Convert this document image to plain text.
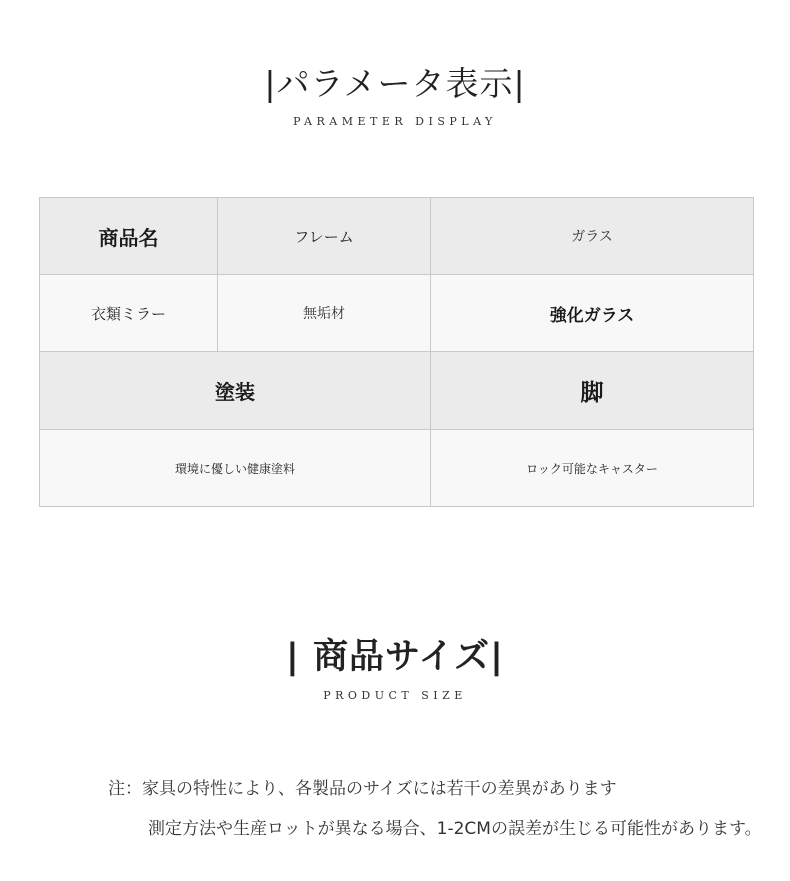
|パラメータ表示|
PARAMETER DISPLAY
商品名	フレーム	ガラス
衣類ミラー	無垢材	強化ガラス
塗装		脚
環境に優しい健康塗料		ロック可能なキャスター
| 商品サイズ|
PRODUCT SIZE
注：家具の特性により、各製品のサイズには若干の差異があります
測定方法や生産ロットが異なる場合、1-2CMの誤差が生じる可能性があります。
